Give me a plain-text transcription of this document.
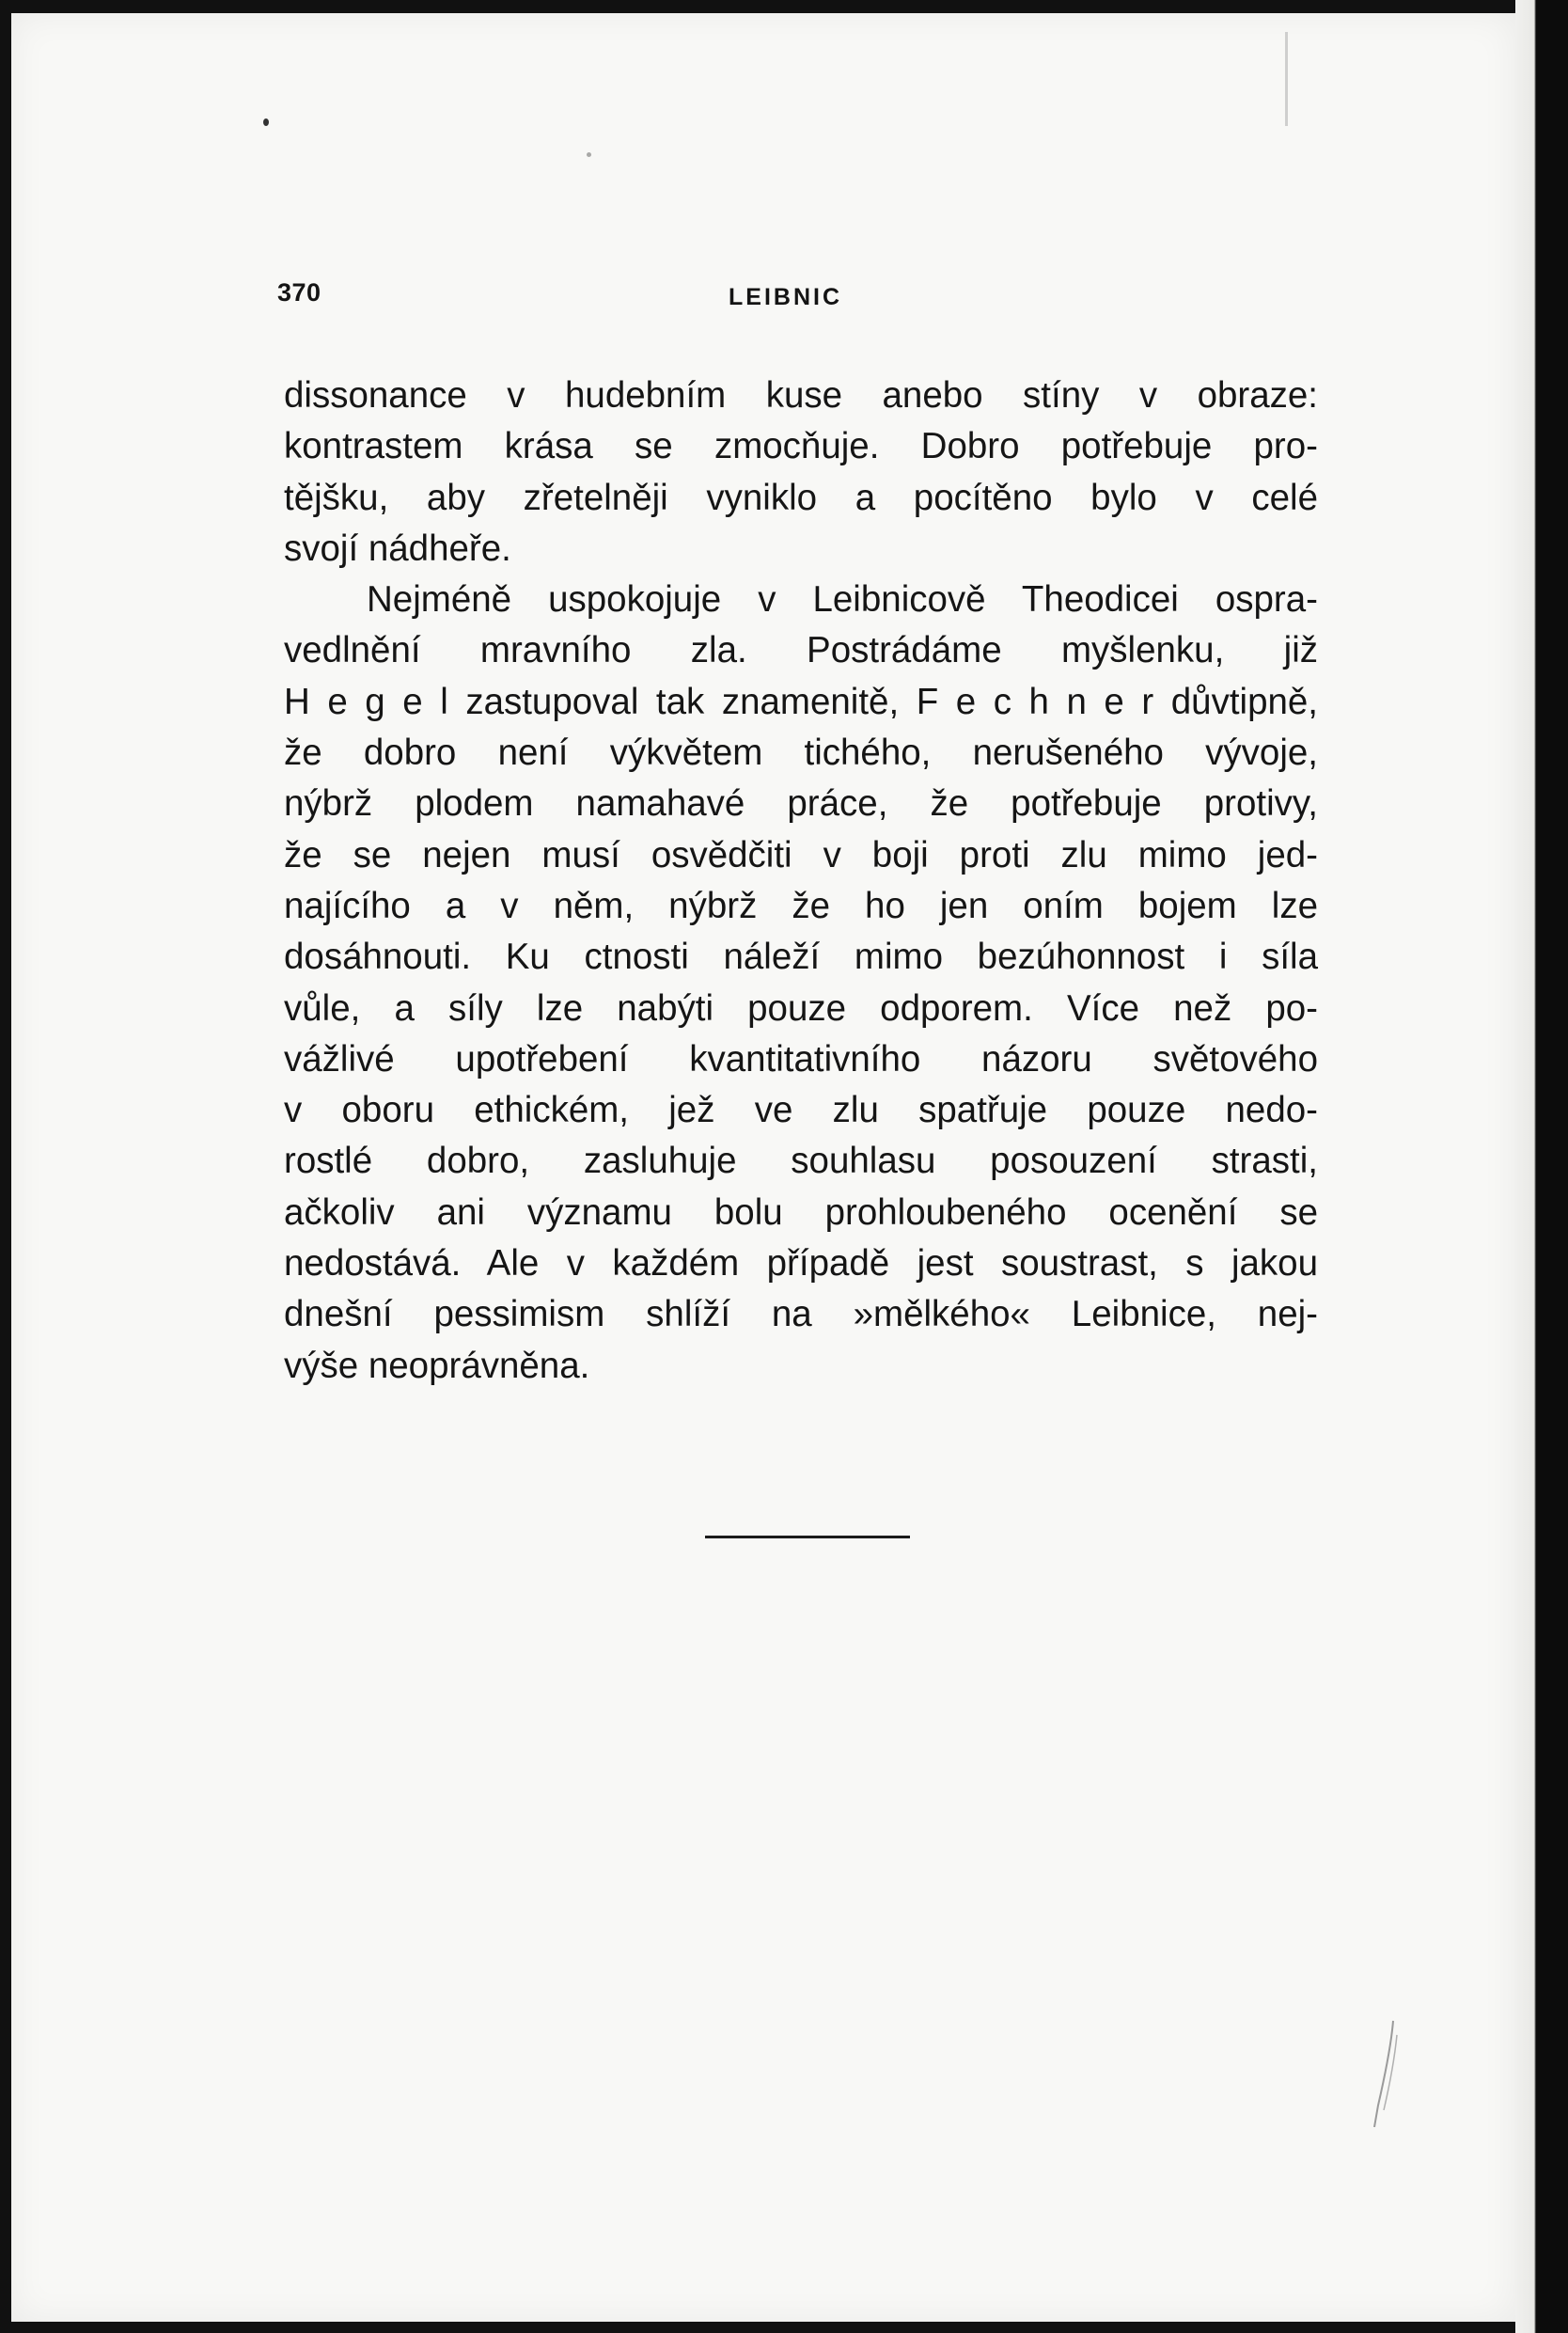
370	LEIBNIC
dissonance v hudebním kuse anebo stíny v obraze:
kontrastem krása se zmocňuje. Dobro potřebuje pro-
tějšku, aby zřetelněji vyniklo a pocítěno bylo v celé
svojí nádheře.
Nejméně uspokojuje v Leibnicově Theodicei ospra-
vedlnění mravního zla. Postrádáme myšlenku, již
H e g e l zastupoval tak znamenitě, F e c h n e r důvtipně,
že dobro není výkvětem tichého, nerušeného vývoje,
nýbrž plodem namahavé práce, že potřebuje protivy,
že se nejen musí osvědčiti v boji proti zlu mimo jed-
najícího a v něm, nýbrž že ho jen oním bojem lze
dosáhnouti. Ku ctnosti náleží mimo bezúhonnost i síla
vůle, a síly lze nabýti pouze odporem. Více než po-
vážlivé upotřebení kvantitativního názoru světového
v oboru ethickém, jež ve zlu spatřuje pouze nedo-
rostlé dobro, zasluhuje souhlasu posouzení strasti,
ačkoliv ani významu bolu prohloubeného ocenění se
nedostává. Ale v každém případě jest soustrast, s jakou
dnešní pessimism shlíží na »mělkého« Leibnice, nej-
výše neoprávněna.
